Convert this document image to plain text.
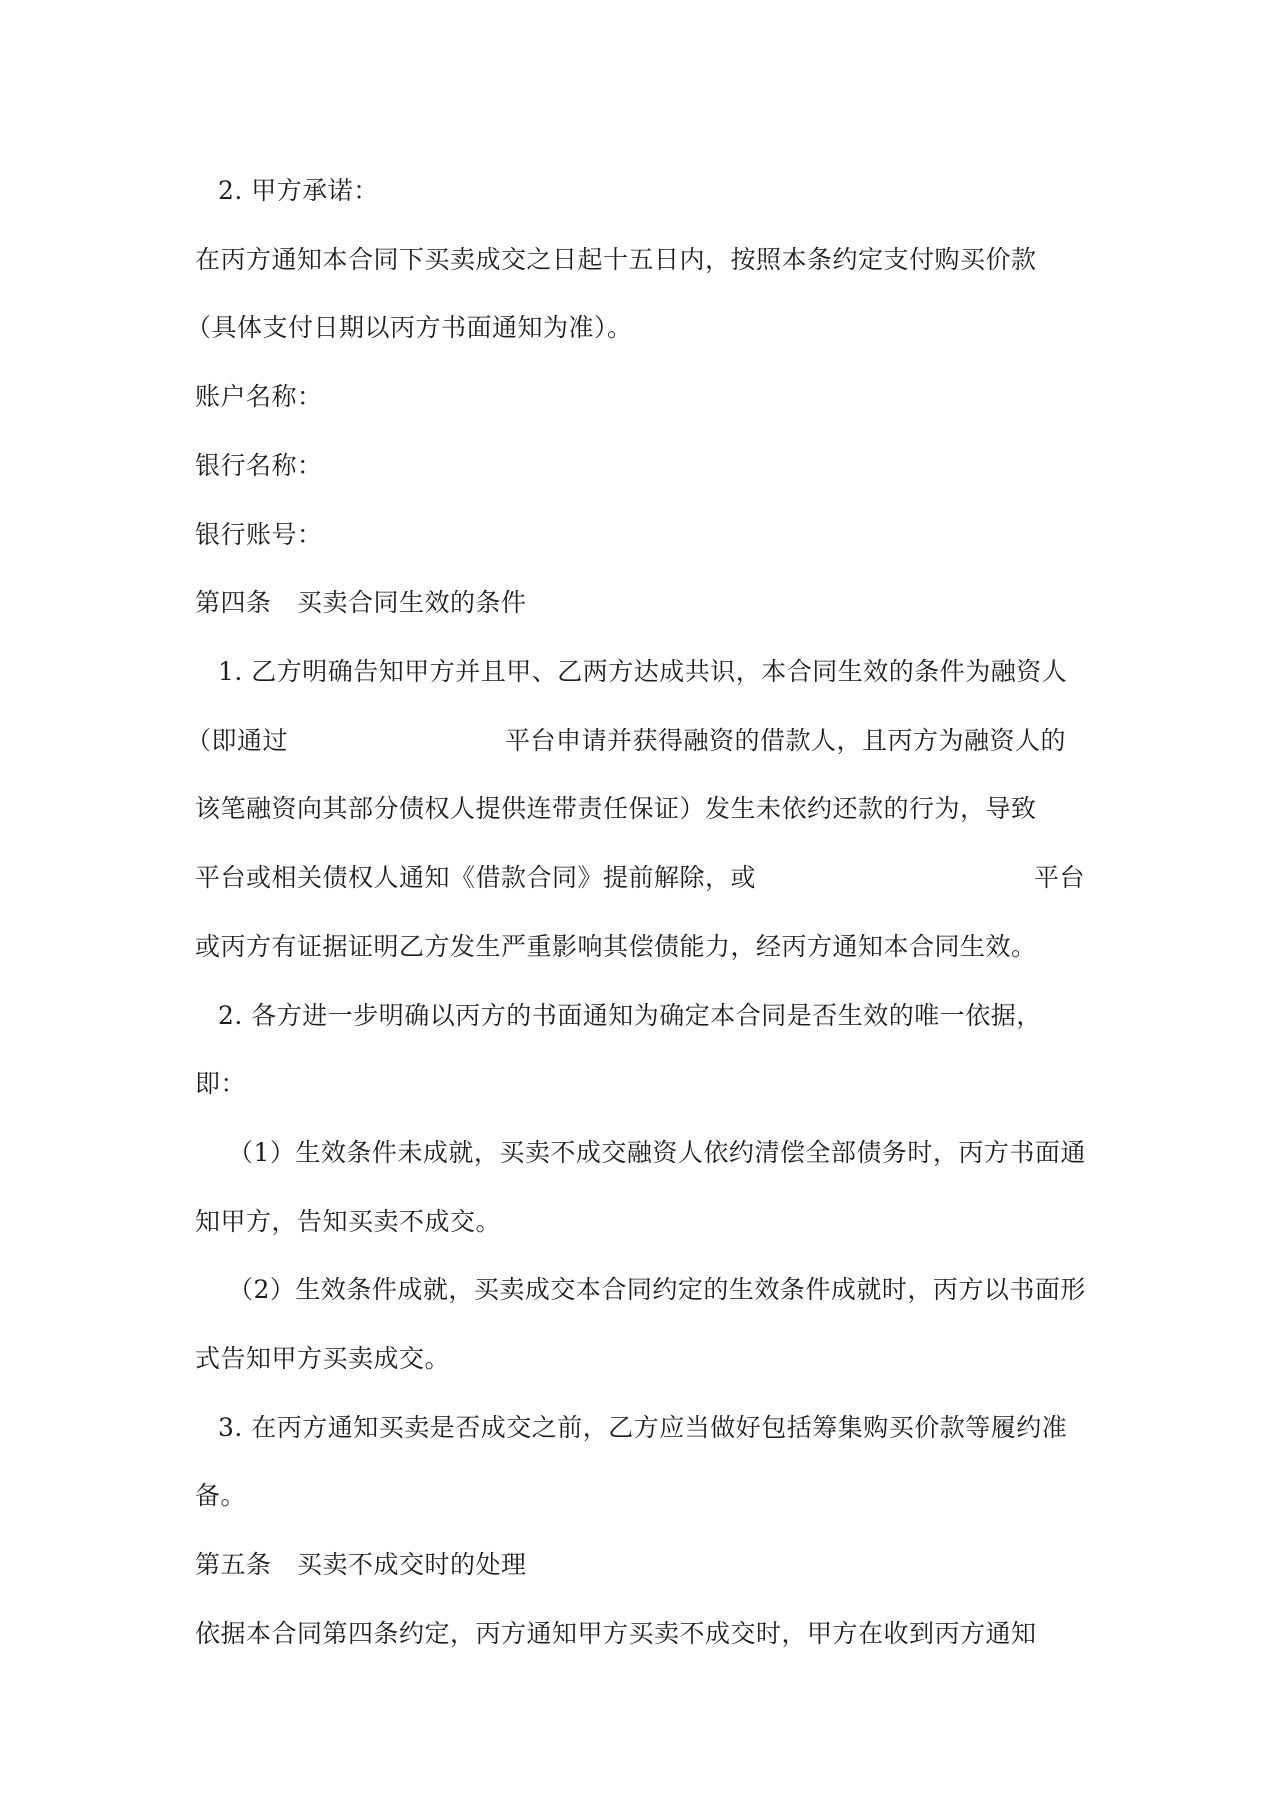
2. 甲方承诺：
在丙方通知本合同下买卖成交之日起十五日内，按照本条约定支付购买价款
（具体支付日期以丙方书面通知为准）。
账户名称：
银行名称：
银行账号：
第四条　买卖合同生效的条件
1. 乙方明确告知甲方并且甲、乙两方达成共识，本合同生效的条件为融资人
（即通过	平台申请并获得融资的借款人，且丙方为融资人的
该笔融资向其部分债权人提供连带责任保证）发生未依约还款的行为，导致
平台或相关债权人通知《借款合同》提前解除，或	平台
或丙方有证据证明乙方发生严重影响其偿债能力，经丙方通知本合同生效。
2. 各方进一步明确以丙方的书面通知为确定本合同是否生效的唯一依据，
即：
（1）生效条件未成就，买卖不成交融资人依约清偿全部债务时，丙方书面通
知甲方，告知买卖不成交。
（2）生效条件成就，买卖成交本合同约定的生效条件成就时，丙方以书面形
式告知甲方买卖成交。
3. 在丙方通知买卖是否成交之前，乙方应当做好包括筹集购买价款等履约准
备。
第五条　买卖不成交时的处理
依据本合同第四条约定，丙方通知甲方买卖不成交时，甲方在收到丙方通知
